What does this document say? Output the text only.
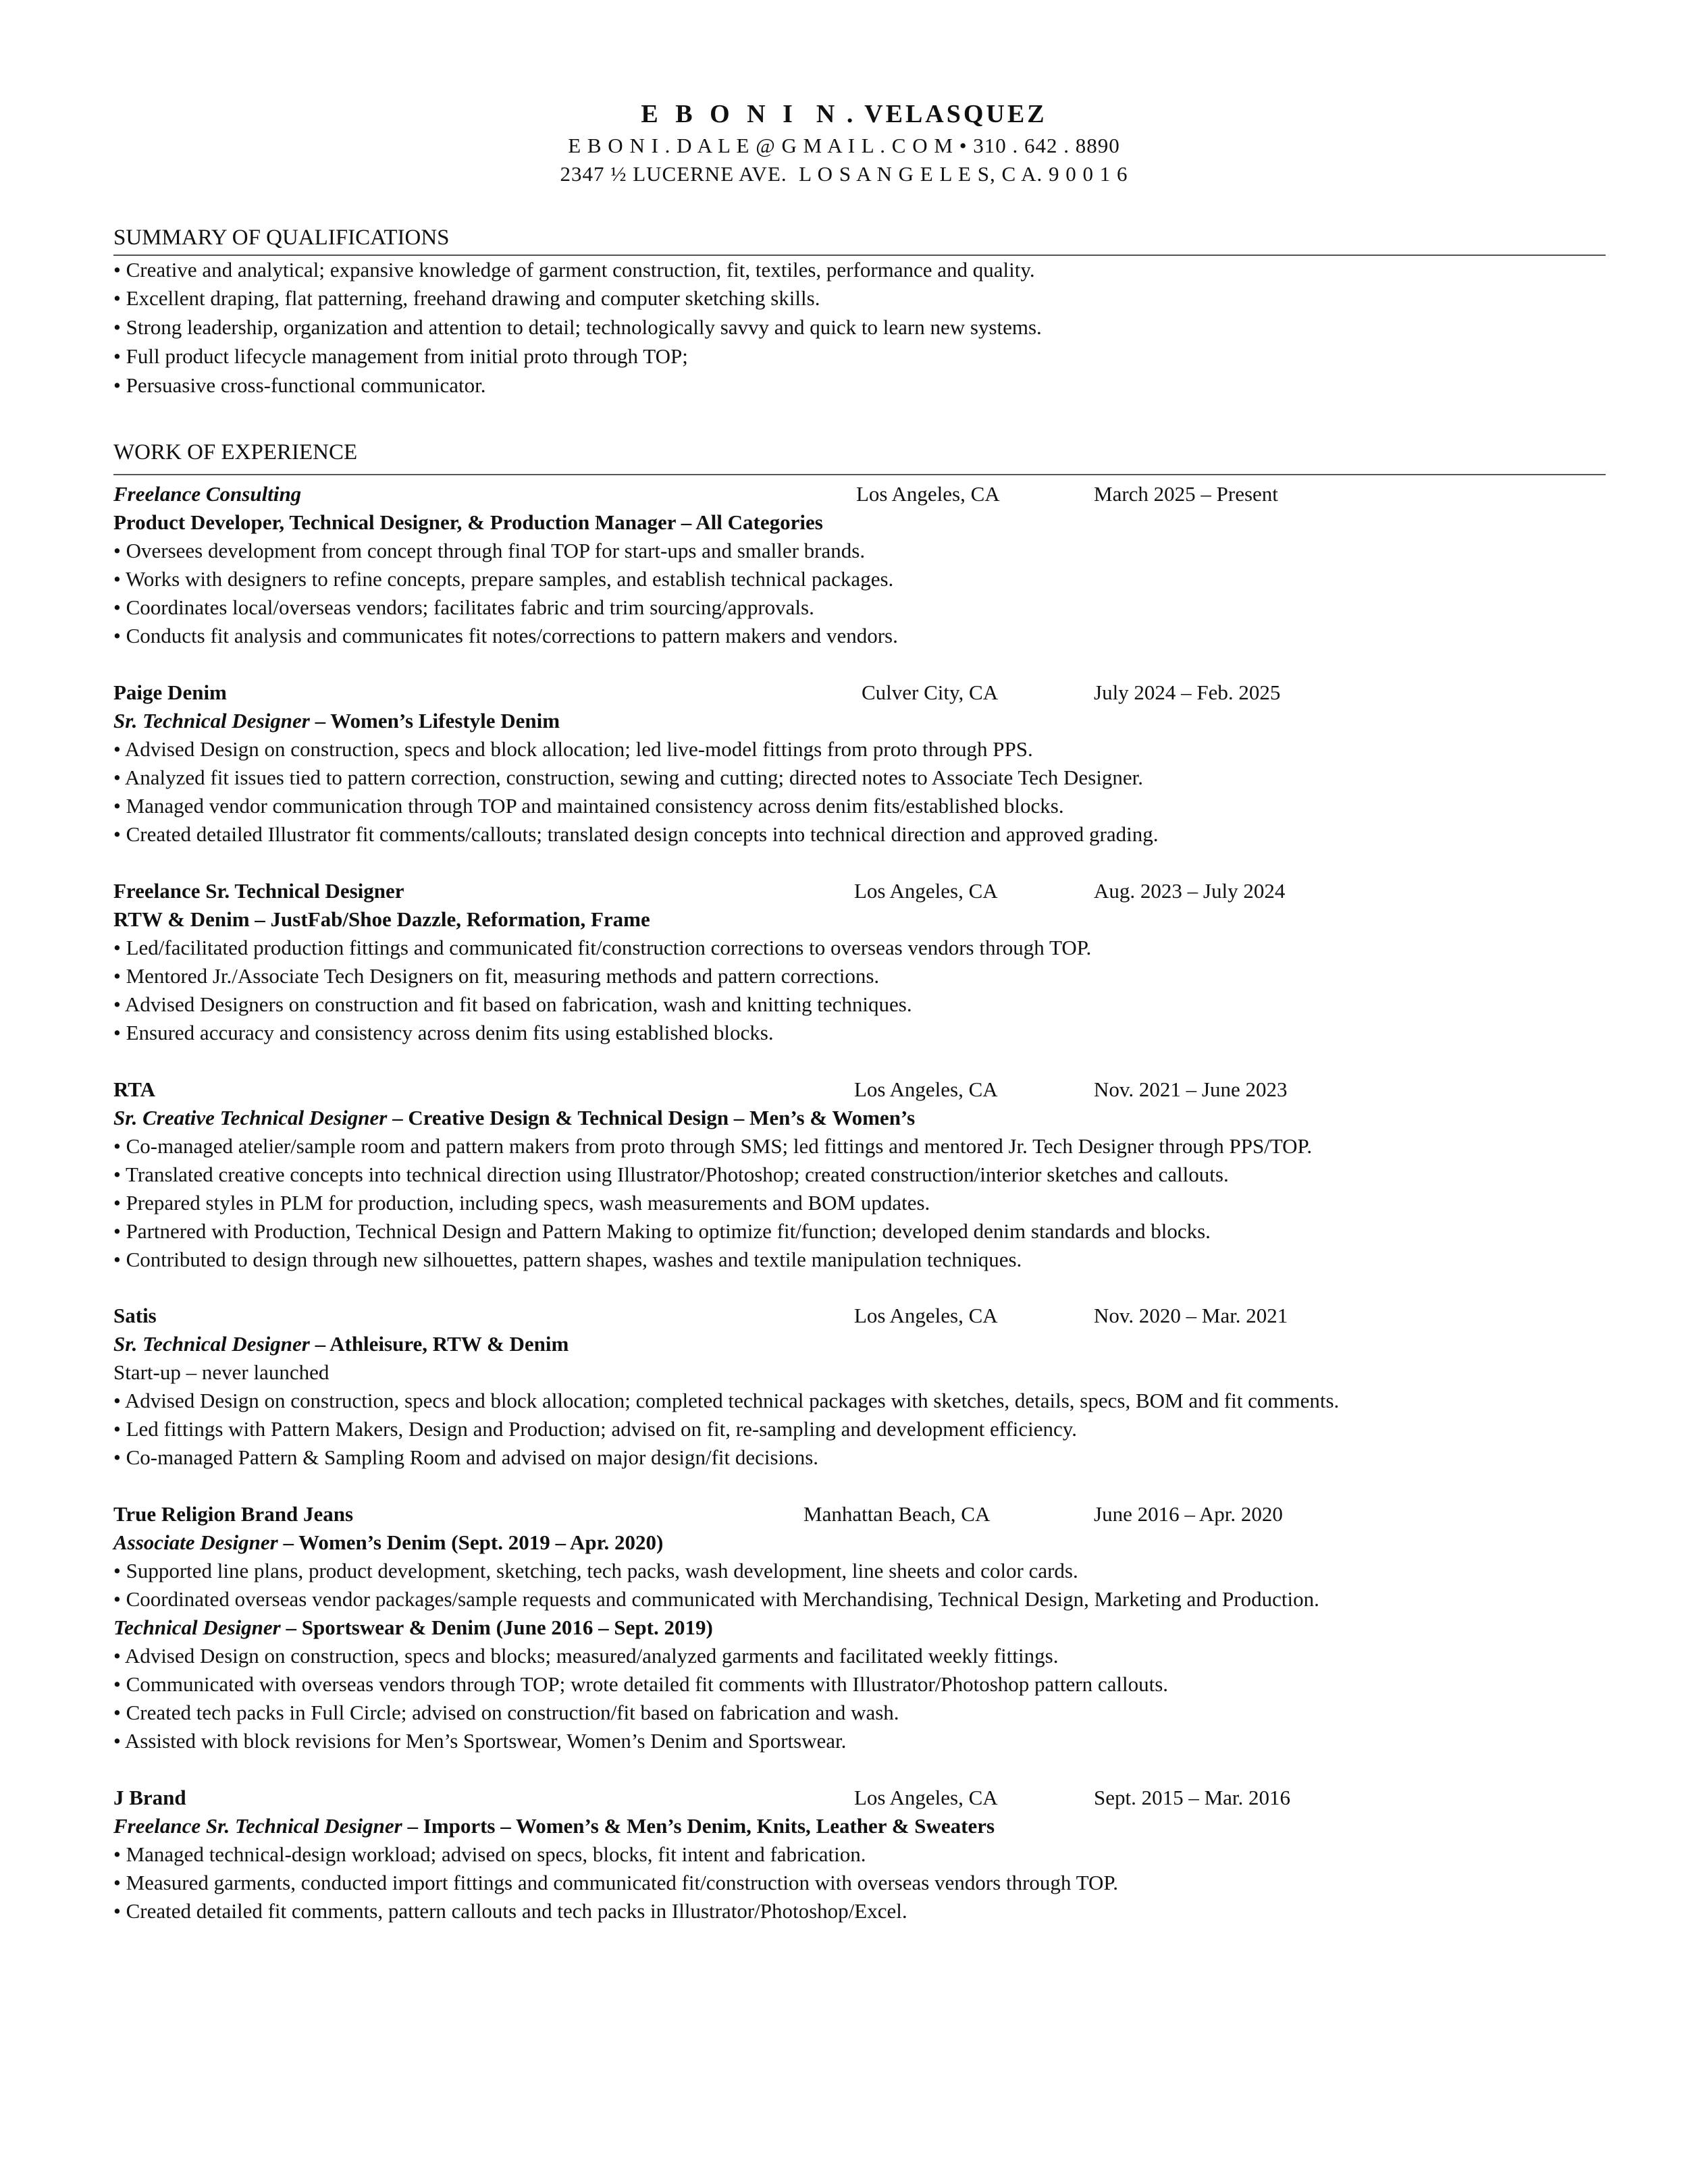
E B O N I N . VELASQUEZ
E B O N I . D A L E @ G M A I L . C O M • 310 . 642 . 8890
2347 ½ LUCERNE AVE. L O S A N G E L E S, C A. 9 0 0 1 6
SUMMARY OF QUALIFICATIONS
• Creative and analytical; expansive knowledge of garment construction, fit, textiles, performance and quality.
• Excellent draping, flat patterning, freehand drawing and computer sketching skills.
• Strong leadership, organization and attention to detail; technologically savvy and quick to learn new systems.
• Full product lifecycle management from initial proto through TOP;
• Persuasive cross-functional communicator.
WORK OF EXPERIENCE
Freelance Consulting	Los Angeles, CA	March 2025 – Present
Product Developer, Technical Designer, & Production Manager – All Categories
• Oversees development from concept through final TOP for start-ups and smaller brands.
• Works with designers to refine concepts, prepare samples, and establish technical packages.
• Coordinates local/overseas vendors; facilitates fabric and trim sourcing/approvals.
• Conducts fit analysis and communicates fit notes/corrections to pattern makers and vendors.
Paige Denim	Culver City, CA	July 2024 – Feb. 2025
Sr. Technical Designer – Women’s Lifestyle Denim
• Advised Design on construction, specs and block allocation; led live-model fittings from proto through PPS.
• Analyzed fit issues tied to pattern correction, construction, sewing and cutting; directed notes to Associate Tech Designer.
• Managed vendor communication through TOP and maintained consistency across denim fits/established blocks.
• Created detailed Illustrator fit comments/callouts; translated design concepts into technical direction and approved grading.
Freelance Sr. Technical Designer	Los Angeles, CA	Aug. 2023 – July 2024
RTW & Denim – JustFab/Shoe Dazzle, Reformation, Frame
• Led/facilitated production fittings and communicated fit/construction corrections to overseas vendors through TOP.
• Mentored Jr./Associate Tech Designers on fit, measuring methods and pattern corrections.
• Advised Designers on construction and fit based on fabrication, wash and knitting techniques.
• Ensured accuracy and consistency across denim fits using established blocks.
RTA	Los Angeles, CA	Nov. 2021 – June 2023
Sr. Creative Technical Designer – Creative Design & Technical Design – Men’s & Women’s
• Co-managed atelier/sample room and pattern makers from proto through SMS; led fittings and mentored Jr. Tech Designer through PPS/TOP.
• Translated creative concepts into technical direction using Illustrator/Photoshop; created construction/interior sketches and callouts.
• Prepared styles in PLM for production, including specs, wash measurements and BOM updates.
• Partnered with Production, Technical Design and Pattern Making to optimize fit/function; developed denim standards and blocks.
• Contributed to design through new silhouettes, pattern shapes, washes and textile manipulation techniques.
Satis	Los Angeles, CA	Nov. 2020 – Mar. 2021
Sr. Technical Designer – Athleisure, RTW & Denim
Start-up – never launched
• Advised Design on construction, specs and block allocation; completed technical packages with sketches, details, specs, BOM and fit comments.
• Led fittings with Pattern Makers, Design and Production; advised on fit, re-sampling and development efficiency.
• Co-managed Pattern & Sampling Room and advised on major design/fit decisions.
True Religion Brand Jeans	Manhattan Beach, CA	June 2016 – Apr. 2020
Associate Designer – Women’s Denim (Sept. 2019 – Apr. 2020)
• Supported line plans, product development, sketching, tech packs, wash development, line sheets and color cards.
• Coordinated overseas vendor packages/sample requests and communicated with Merchandising, Technical Design, Marketing and Production.
Technical Designer – Sportswear & Denim (June 2016 – Sept. 2019)
• Advised Design on construction, specs and blocks; measured/analyzed garments and facilitated weekly fittings.
• Communicated with overseas vendors through TOP; wrote detailed fit comments with Illustrator/Photoshop pattern callouts.
• Created tech packs in Full Circle; advised on construction/fit based on fabrication and wash.
• Assisted with block revisions for Men’s Sportswear, Women’s Denim and Sportswear.
J Brand	Los Angeles, CA	Sept. 2015 – Mar. 2016
Freelance Sr. Technical Designer – Imports – Women’s & Men’s Denim, Knits, Leather & Sweaters
• Managed technical-design workload; advised on specs, blocks, fit intent and fabrication.
• Measured garments, conducted import fittings and communicated fit/construction with overseas vendors through TOP.
• Created detailed fit comments, pattern callouts and tech packs in Illustrator/Photoshop/Excel.
